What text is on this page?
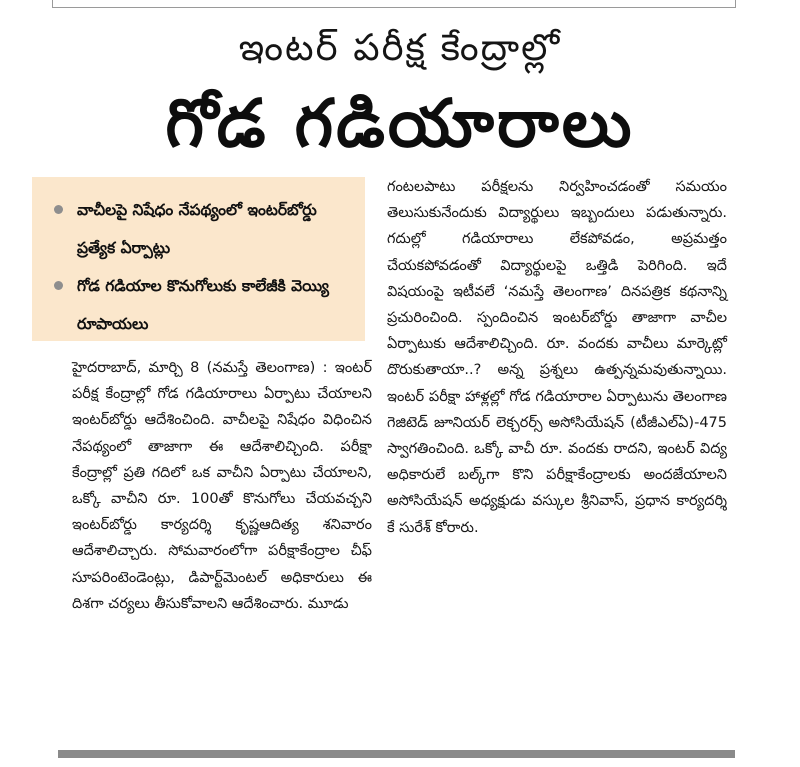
ఇంటర్ పరీక్ష కేంద్రాల్లో
గోడ గడియారాలు
వాచీలపై నిషేధం నేపథ్యంలో ఇంటర్‌బోర్డు ప్రత్యేక ఏర్పాట్లు
గోడ గడియాల కొనుగోలుకు కాలేజీకి వెయ్యి రూపాయలు

హైదరాబాద్, మార్చి 8 (నమస్తే తెలంగాణ) : ఇంటర్ పరీక్ష కేంద్రాల్లో గోడ గడియారాలు ఏర్పాటు చేయాలని ఇంటర్‌బోర్డు ఆదేశించింది. వాచీలపై నిషేధం విధించిన నేపథ్యంలో తాజాగా ఈ ఆదేశాలిచ్చింది. పరీక్షా కేంద్రాల్లో ప్రతి గదిలో ఒక వాచీని ఏర్పాటు చేయాలని, ఒక్కో వాచీని రూ. 100తో కొనుగోలు చేయవచ్చని ఇంటర్‌బోర్డు కార్యదర్శి కృష్ణఆదిత్య శనివారం ఆదేశాలిచ్చారు. సోమవారంలోగా పరీక్షాకేంద్రాల చీఫ్ సూపరింటెండెంట్లు, డిపార్ట్‌మెంటల్ అధికారులు ఈ దిశగా చర్యలు తీసుకోవాలని ఆదేశించారు. మూడు

గంటలపాటు పరీక్షలను నిర్వహించడంతో సమయం తెలుసుకునేందుకు విద్యార్థులు ఇబ్బందులు పడుతున్నారు. గదుల్లో గడియారాలు లేకపోవడం, అప్రమత్తం చేయకపోవడంతో విద్యార్థులపై ఒత్తిడి పెరిగింది. ఇదే విషయంపై ఇటీవలే ‘నమస్తే తెలంగాణ’ దినపత్రిక కథనాన్ని ప్రచురించింది. స్పందించిన ఇంటర్‌బోర్డు తాజాగా వాచీల ఏర్పాటుకు ఆదేశాలిచ్చింది. రూ. వందకు వాచీలు మార్కెట్లో దొరుకుతాయా..? అన్న ప్రశ్నలు ఉత్పన్నమవుతున్నాయి. ఇంటర్ పరీక్షా హాళ్లల్లో గోడ గడియారాల ఏర్పాటును తెలంగాణ గెజిటెడ్ జూనియర్ లెక్చరర్స్ అసోసియేషన్ (టీజీఎల్ఏ)-475 స్వాగతించింది. ఒక్కో వాచీ రూ. వందకు రాదని, ఇంటర్ విద్య అధికారులే బల్క్‌గా కొని పరీక్షాకేంద్రాలకు అందజేయాలని అసోసియేషన్ అధ్యక్షుడు వస్కుల శ్రీనివాస్, ప్రధాన కార్యదర్శి కే సురేశ్ కోరారు.
